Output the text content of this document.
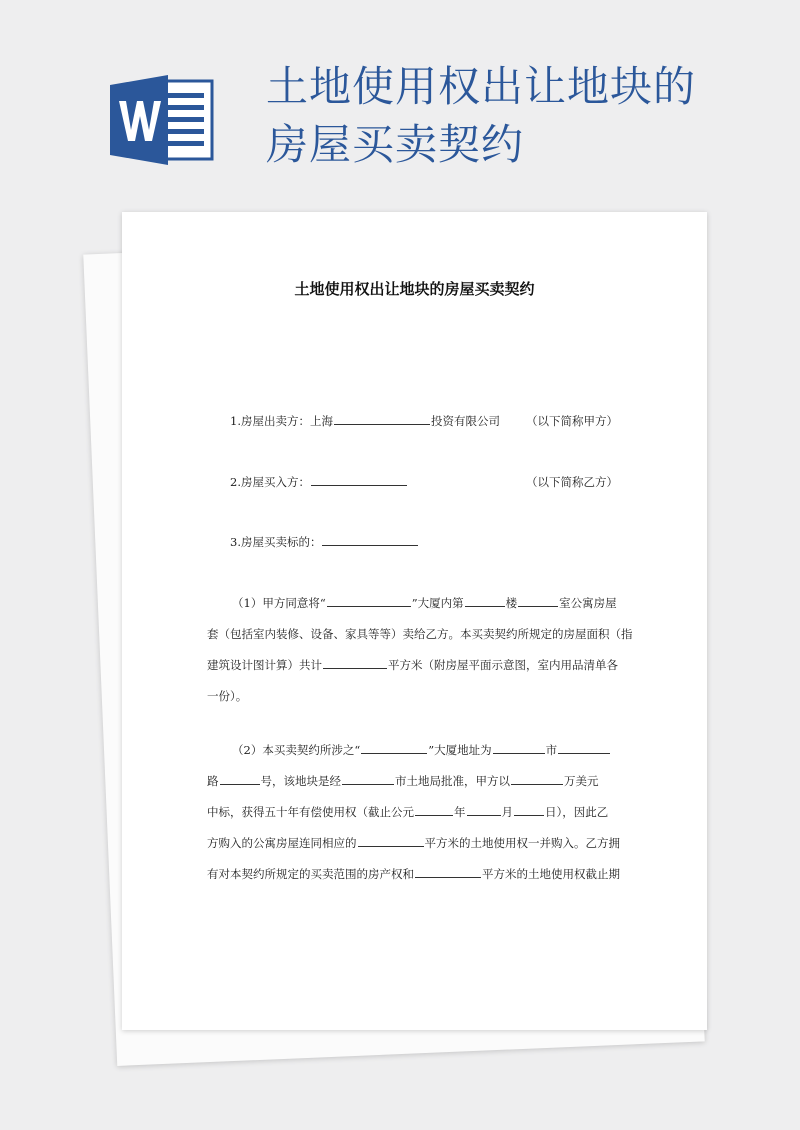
土地使用权出让地块的
房屋买卖契约
土地使用权出让地块的房屋买卖契约
1.房屋出卖方：上海	投资有限公司 （以下简称甲方）
2.房屋买入方：	（以下简称乙方）
3.房屋买卖标的：
（1）甲方同意将“	”大厦内第	楼	室公寓房屋
套（包括室内装修、设备、家具等等）卖给乙方。本买卖契约所规定的房屋面积（指
建筑设计图计算）共计	平方米（附房屋平面示意图，室内用品清单各
一份）。
（2）本买卖契约所涉之“	”大厦地址为	市
路	号，该地块是经	市土地局批准，甲方以	万美元
中标，获得五十年有偿使用权（截止公元	年	月	日），因此乙
方购入的公寓房屋连同相应的	平方米的土地使用权一并购入。乙方拥
有对本契约所规定的买卖范围的房产权和	平方米的土地使用权截止期
